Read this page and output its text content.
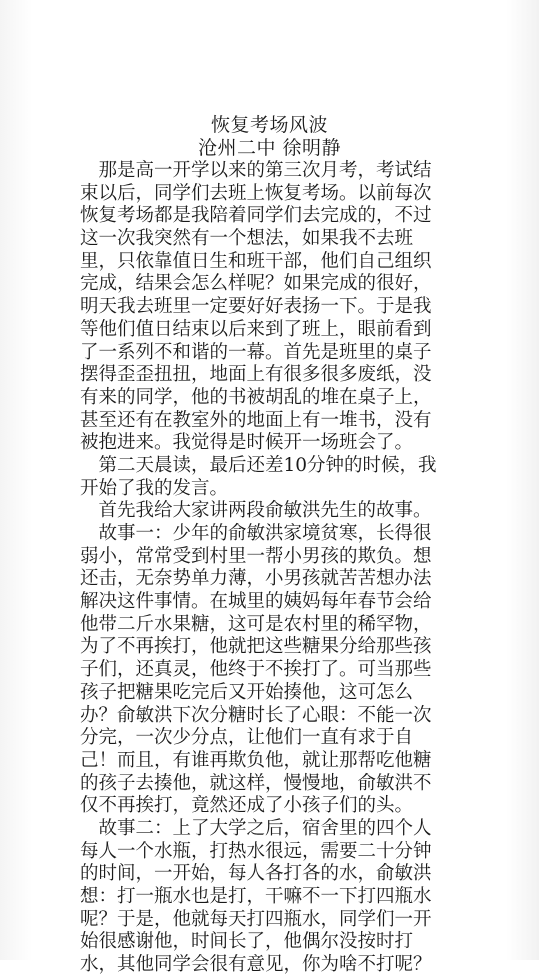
恢复考场风波
沧州二中 徐明静
　那是高一开学以来的第三次月考，考试结
束以后，同学们去班上恢复考场。以前每次
恢复考场都是我陪着同学们去完成的，不过
这一次我突然有一个想法，如果我不去班
里，只依靠值日生和班干部，他们自己组织
完成，结果会怎么样呢？如果完成的很好，
明天我去班里一定要好好表扬一下。于是我
等他们值日结束以后来到了班上，眼前看到
了一系列不和谐的一幕。首先是班里的桌子
摆得歪歪扭扭，地面上有很多很多废纸，没
有来的同学，他的书被胡乱的堆在桌子上，
甚至还有在教室外的地面上有一堆书，没有
被抱进来。我觉得是时候开一场班会了。
　第二天晨读，最后还差10分钟的时候，我
开始了我的发言。
　首先我给大家讲两段俞敏洪先生的故事。
　故事一：少年的俞敏洪家境贫寒，长得很
弱小，常常受到村里一帮小男孩的欺负。想
还击，无奈势单力薄，小男孩就苦苦想办法
解决这件事情。在城里的姨妈每年春节会给
他带二斤水果糖，这可是农村里的稀罕物，
为了不再挨打，他就把这些糖果分给那些孩
子们，还真灵，他终于不挨打了。可当那些
孩子把糖果吃完后又开始揍他，这可怎么
办？俞敏洪下次分糖时长了心眼：不能一次
分完，一次少分点，让他们一直有求于自
己！而且，有谁再欺负他，就让那帮吃他糖
的孩子去揍他，就这样，慢慢地，俞敏洪不
仅不再挨打，竟然还成了小孩子们的头。
　故事二：上了大学之后，宿舍里的四个人
每人一个水瓶，打热水很远，需要二十分钟
的时间，一开始，每人各打各的水，俞敏洪
想：打一瓶水也是打，干嘛不一下打四瓶水
呢？于是，他就每天打四瓶水，同学们一开
始很感谢他，时间长了，他偶尔没按时打
水，其他同学会很有意见，你为啥不打呢？
